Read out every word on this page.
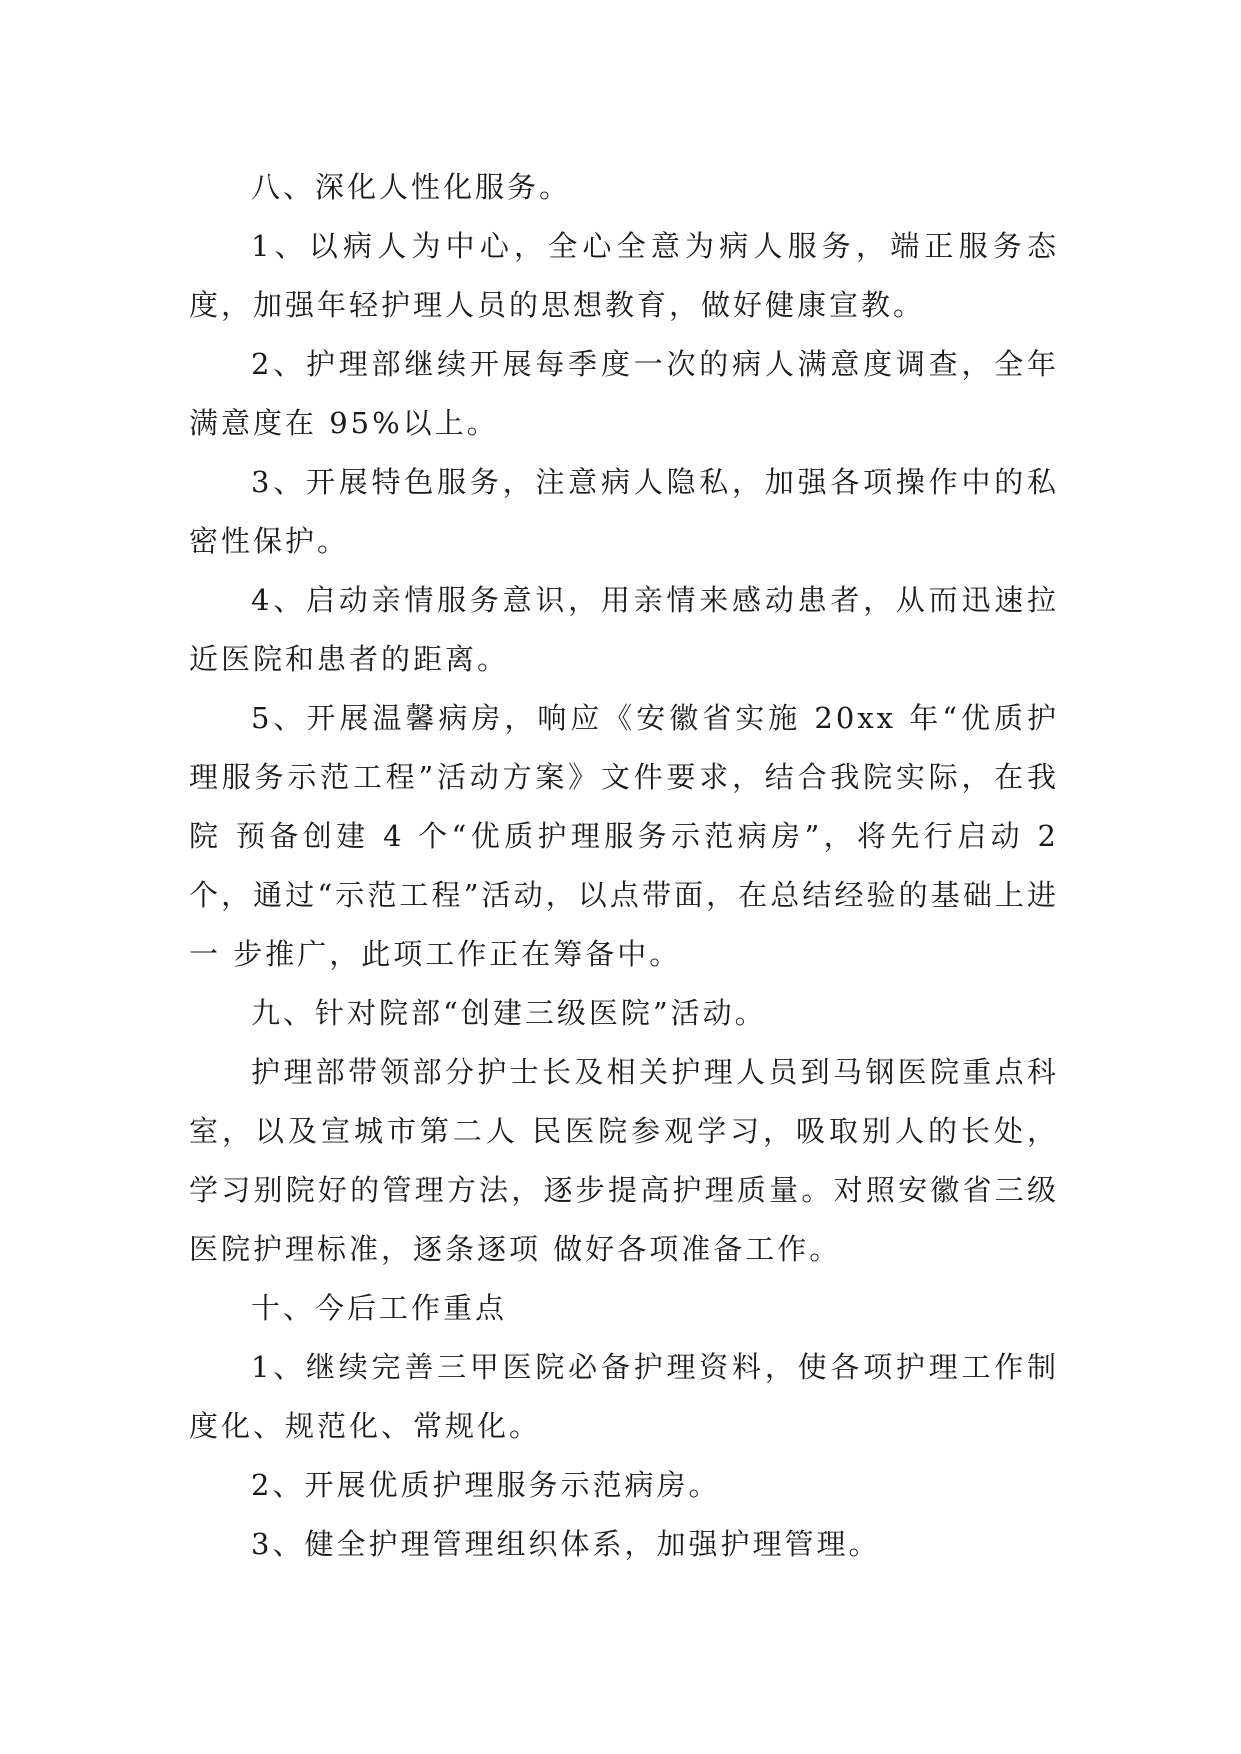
八、深化人性化服务。

1、以病人为中心，全心全意为病人服务，端正服务态度，加强年轻护理人员的思想教育，做好健康宣教。

2、护理部继续开展每季度一次的病人满意度调查，全年满意度在 95%以上。

3、开展特色服务，注意病人隐私，加强各项操作中的私密性保护。

4、启动亲情服务意识，用亲情来感动患者，从而迅速拉近医院和患者的距离。

5、开展温馨病房，响应《安徽省实施 20xx 年“优质护理服务示范工程”活动方案》文件要求，结合我院实际，在我院 预备创建 4 个“优质护理服务示范病房”，将先行启动 2 个，通过“示范工程”活动，以点带面，在总结经验的基础上进一 步推广，此项工作正在筹备中。

九、针对院部“创建三级医院”活动。

护理部带领部分护士长及相关护理人员到马钢医院重点科室，以及宣城市第二人 民医院参观学习，吸取别人的长处，学习别院好的管理方法，逐步提高护理质量。对照安徽省三级医院护理标准，逐条逐项 做好各项准备工作。

十、今后工作重点

1、继续完善三甲医院必备护理资料，使各项护理工作制度化、规范化、常规化。

2、开展优质护理服务示范病房。

3、健全护理管理组织体系，加强护理管理。
